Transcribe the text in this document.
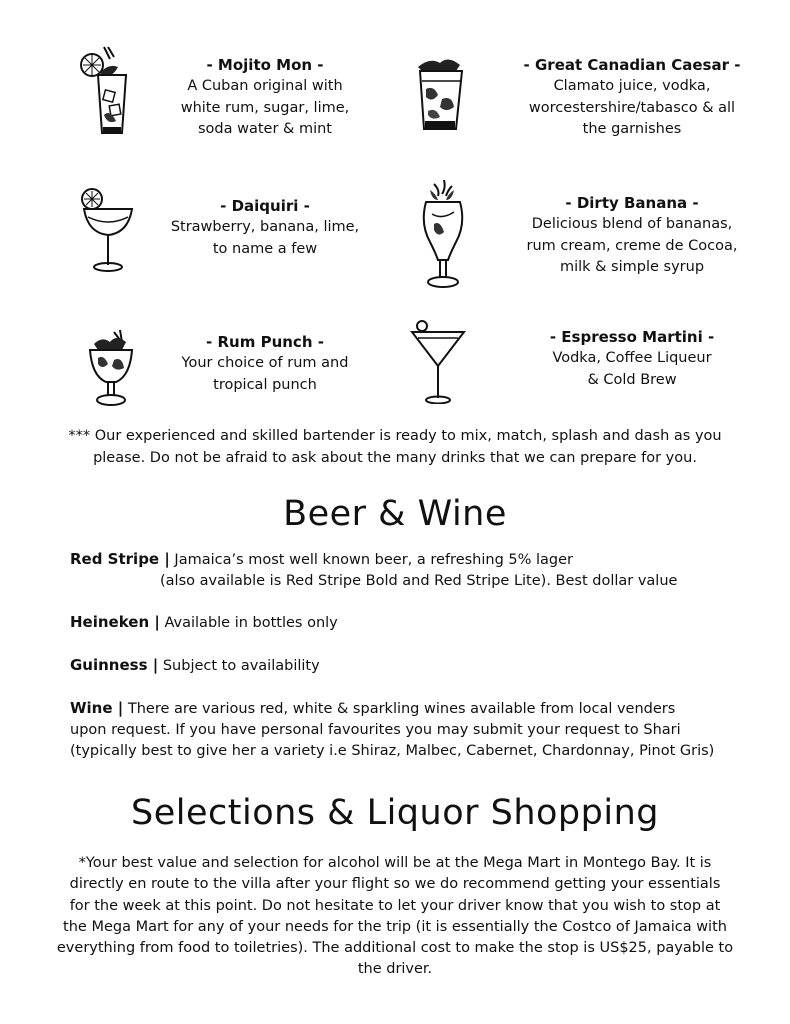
- Mojito Mon -
A Cuban original with
white rum, sugar, lime,
soda water & mint
- Great Canadian Caesar -
Clamato juice, vodka,
worcestershire/tabasco & all
the garnishes
- Daiquiri -
Strawberry, banana, lime,
to name a few
- Dirty Banana -
Delicious blend of bananas,
rum cream, creme de Cocoa,
milk & simple syrup
- Rum Punch -
Your choice of rum and
tropical punch
- Espresso Martini -
Vodka, Coffee Liqueur
& Cold Brew
*** Our experienced and skilled bartender is ready to mix, match, splash and dash as you
please. Do not be afraid to ask about the many drinks that we can prepare for you.
Beer & Wine
Red Stripe | Jamaica’s most well known beer, a refreshing 5% lager
(also available is Red Stripe Bold and Red Stripe Lite). Best dollar value
Heineken | Available in bottles only
Guinness | Subject to availability
Wine | There are various red, white & sparkling wines available from local venders
upon request. If you have personal favourites you may submit your request to Shari
(typically best to give her a variety i.e Shiraz, Malbec, Cabernet, Chardonnay, Pinot Gris)
Selections & Liquor Shopping
*Your best value and selection for alcohol will be at the Mega Mart in Montego Bay. It is
directly en route to the villa after your flight so we do recommend getting your essentials
for the week at this point. Do not hesitate to let your driver know that you wish to stop at
the Mega Mart for any of your needs for the trip (it is essentially the Costco of Jamaica with
everything from food to toiletries). The additional cost to make the stop is US$25, payable to
the driver.
